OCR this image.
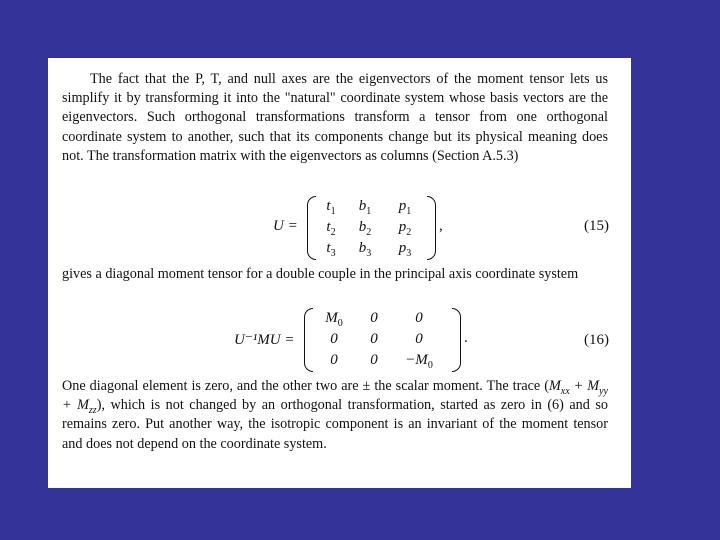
The fact that the P, T, and null axes are the eigenvectors of the moment tensor lets us simplify it by transforming it into the "natural" coordinate system whose basis vectors are the eigenvectors. Such orthogonal transformations transform a tensor from one orthogonal coordinate system to another, such that its components change but its physical meaning does not. The transformation matrix with the eigenvectors as columns (Section A.5.3)

U =
$t_1$	$b_1$	$p_1$
$t_2$	$b_2$	$p_2$
$t_3$	$b_3$	$p_3$
,	(15)

gives a diagonal moment tensor for a double couple in the principal axis coordinate system

U⁻¹MU =
$M_0$	0	0
0	0	0
0	0	$-M_0$
.	(16)

One diagonal element is zero, and the other two are ± the scalar moment. The trace $(M_{xx} + M_{yy} + M_{zz})$, which is not changed by an orthogonal transformation, started as zero in (6) and so remains zero. Put another way, the isotropic component is an invariant of the moment tensor and does not depend on the coordinate system.
